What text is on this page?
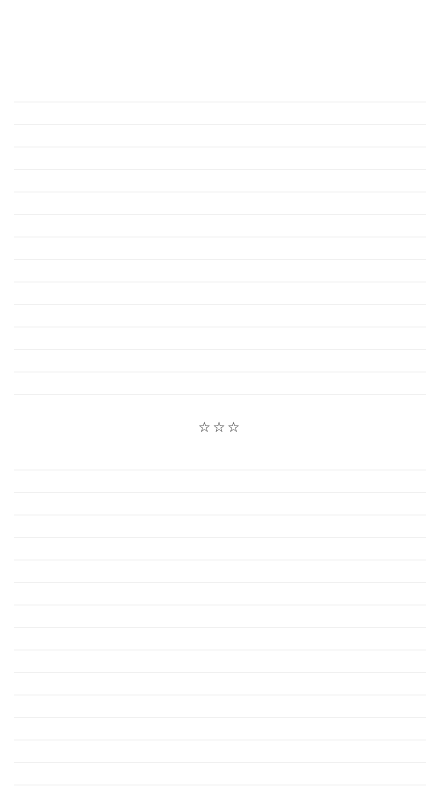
☆☆☆
